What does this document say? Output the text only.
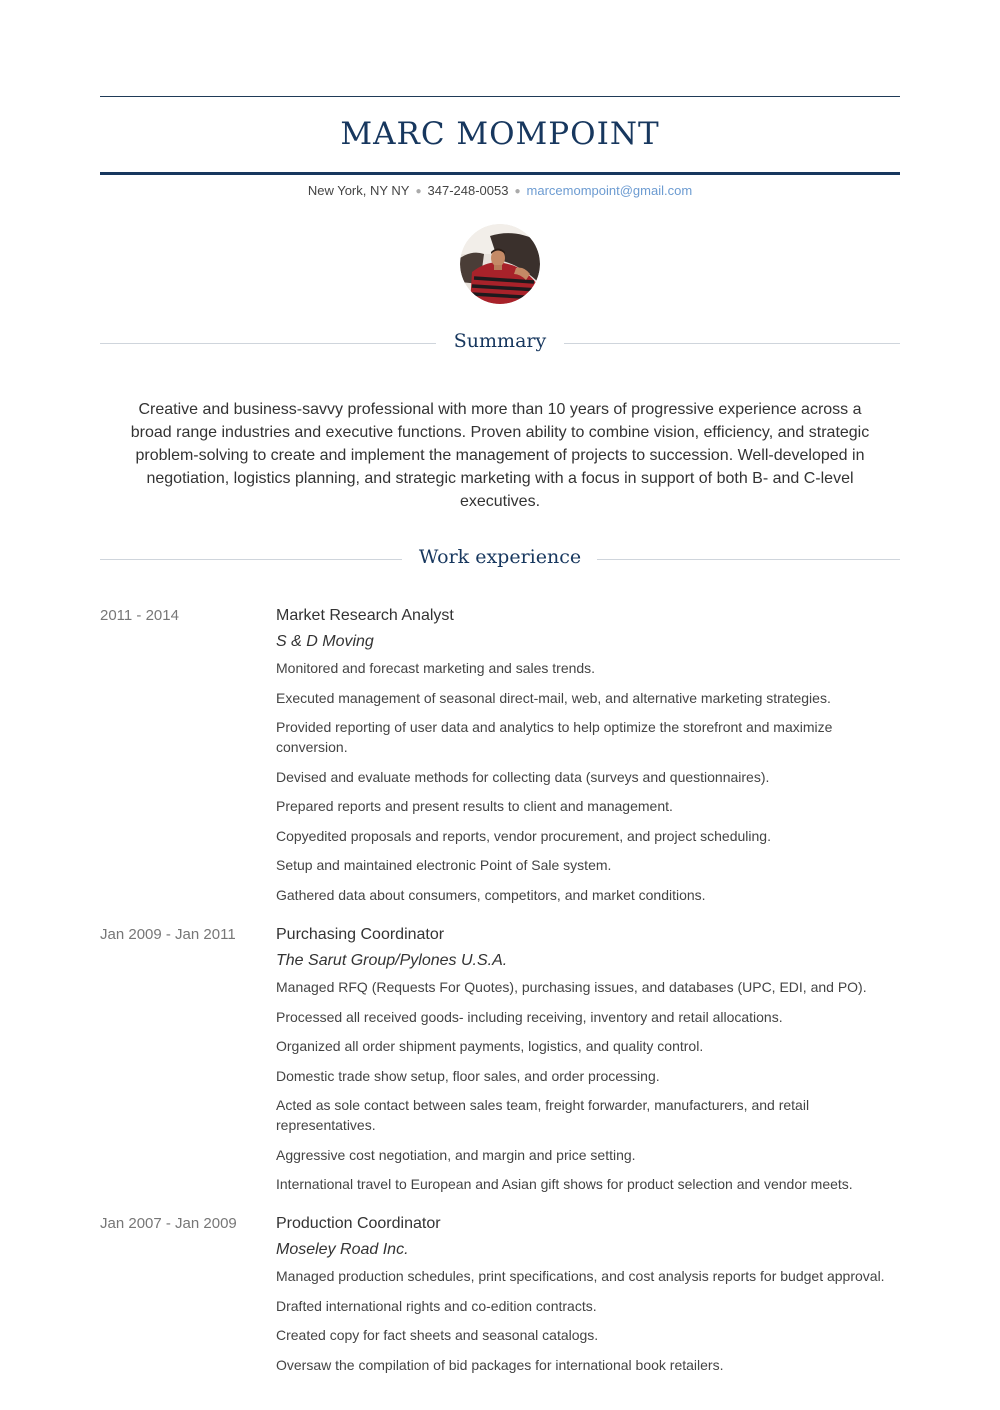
MARC MOMPOINT
New York, NY NY ● 347-248-0053 ● marcemompoint@gmail.com
Summary
Creative and business-savvy professional with more than 10 years of progressive experience across a broad range industries and executive functions. Proven ability to combine vision, efficiency, and strategic problem-solving to create and implement the management of projects to succession. Well-developed in negotiation, logistics planning, and strategic marketing with a focus in support of both B- and C-level executives.
Work experience
2011 - 2014	Market Research Analyst
S & D Moving
Monitored and forecast marketing and sales trends.
Executed management of seasonal direct-mail, web, and alternative marketing strategies.
Provided reporting of user data and analytics to help optimize the storefront and maximize conversion.
Devised and evaluate methods for collecting data (surveys and questionnaires).
Prepared reports and present results to client and management.
Copyedited proposals and reports, vendor procurement, and project scheduling.
Setup and maintained electronic Point of Sale system.
Gathered data about consumers, competitors, and market conditions.
Jan 2009 - Jan 2011	Purchasing Coordinator
The Sarut Group/Pylones U.S.A.
Managed RFQ (Requests For Quotes), purchasing issues, and databases (UPC, EDI, and PO).
Processed all received goods- including receiving, inventory and retail allocations.
Organized all order shipment payments, logistics, and quality control.
Domestic trade show setup, floor sales, and order processing.
Acted as sole contact between sales team, freight forwarder, manufacturers, and retail representatives.
Aggressive cost negotiation, and margin and price setting.
International travel to European and Asian gift shows for product selection and vendor meets.
Jan 2007 - Jan 2009 Production Coordinator
Moseley Road Inc.
Managed production schedules, print specifications, and cost analysis reports for budget approval.
Drafted international rights and co-edition contracts.
Created copy for fact sheets and seasonal catalogs.
Oversaw the compilation of bid packages for international book retailers.
